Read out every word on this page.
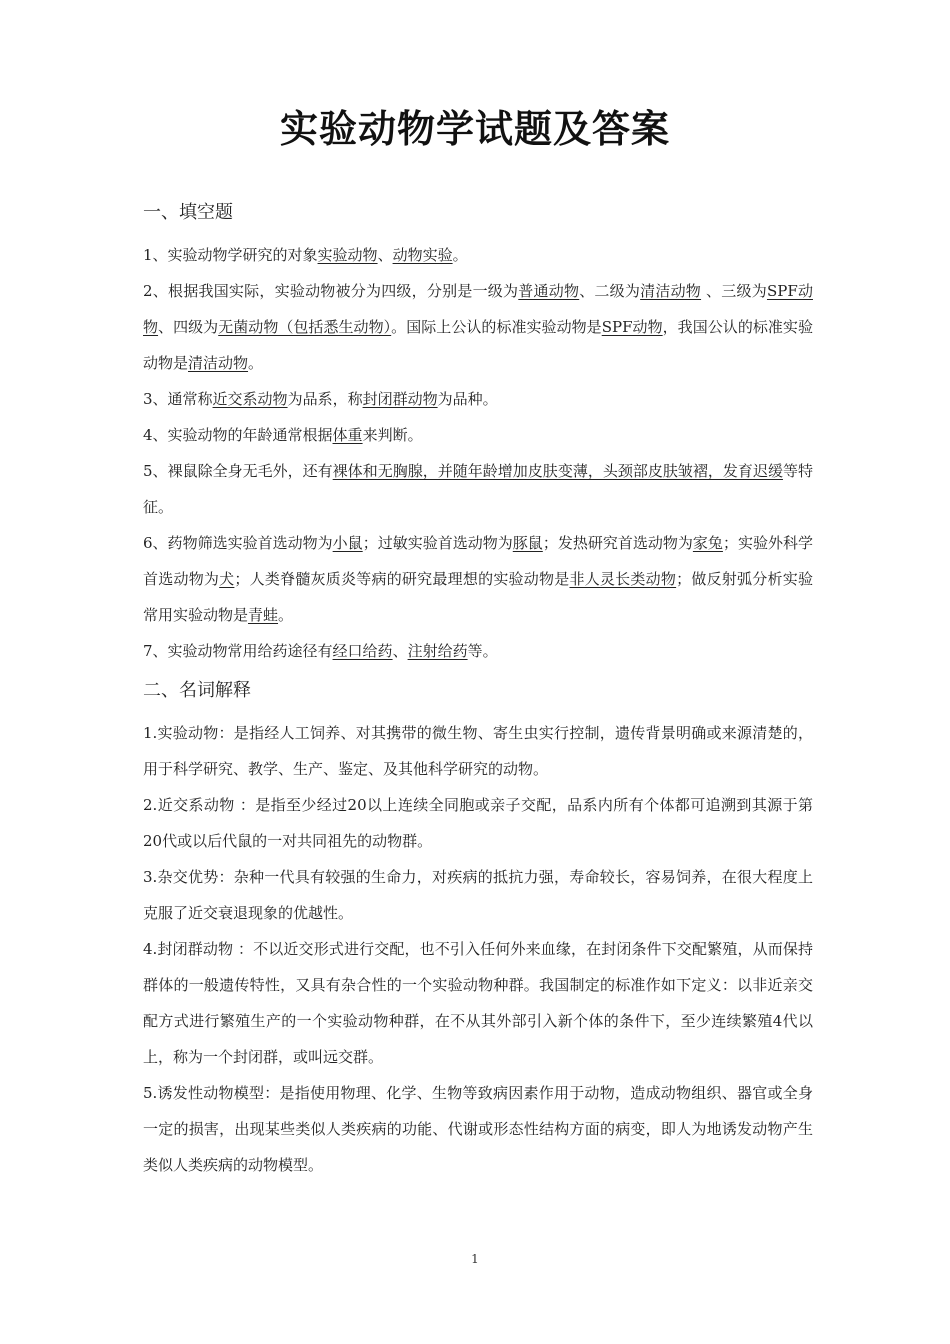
实验动物学试题及答案
一、填空题

1、实验动物学研究的对象实验动物、动物实验。

2、根据我国实际，实验动物被分为四级，分别是一级为普通动物、二级为清洁动物 、三级为SPF动物、四级为无菌动物（包括悉生动物）。国际上公认的标准实验动物是SPF动物，我国公认的标准实验动物是清洁动物。

3、通常称近交系动物为品系，称封闭群动物为品种。

4、实验动物的年龄通常根据体重来判断。

5、裸鼠除全身无毛外，还有裸体和无胸腺，并随年龄增加皮肤变薄，头颈部皮肤皱褶，发育迟缓等特征。

6、药物筛选实验首选动物为小鼠；过敏实验首选动物为豚鼠；发热研究首选动物为家兔；实验外科学首选动物为犬；人类脊髓灰质炎等病的研究最理想的实验动物是非人灵长类动物；做反射弧分析实验常用实验动物是青蛙。

7、实验动物常用给药途径有经口给药、注射给药等。

二、名词解释

1.实验动物：是指经人工饲养、对其携带的微生物、寄生虫实行控制，遗传背景明确或来源清楚的，用于科学研究、教学、生产、鉴定、及其他科学研究的动物。

2.近交系动物 ：是指至少经过20以上连续全同胞或亲子交配，品系内所有个体都可追溯到其源于第20代或以后代鼠的一对共同祖先的动物群。

3.杂交优势：杂种一代具有较强的生命力，对疾病的抵抗力强，寿命较长，容易饲养，在很大程度上克服了近交衰退现象的优越性。

4.封闭群动物 ：不以近交形式进行交配，也不引入任何外来血缘，在封闭条件下交配繁殖，从而保持群体的一般遗传特性，又具有杂合性的一个实验动物种群。我国制定的标准作如下定义：以非近亲交配方式进行繁殖生产的一个实验动物种群，在不从其外部引入新个体的条件下，至少连续繁殖4代以上，称为一个封闭群，或叫远交群。

5.诱发性动物模型：是指使用物理、化学、生物等致病因素作用于动物，造成动物组织、器官或全身一定的损害，出现某些类似人类疾病的功能、代谢或形态性结构方面的病变，即人为地诱发动物产生类似人类疾病的动物模型。

1
